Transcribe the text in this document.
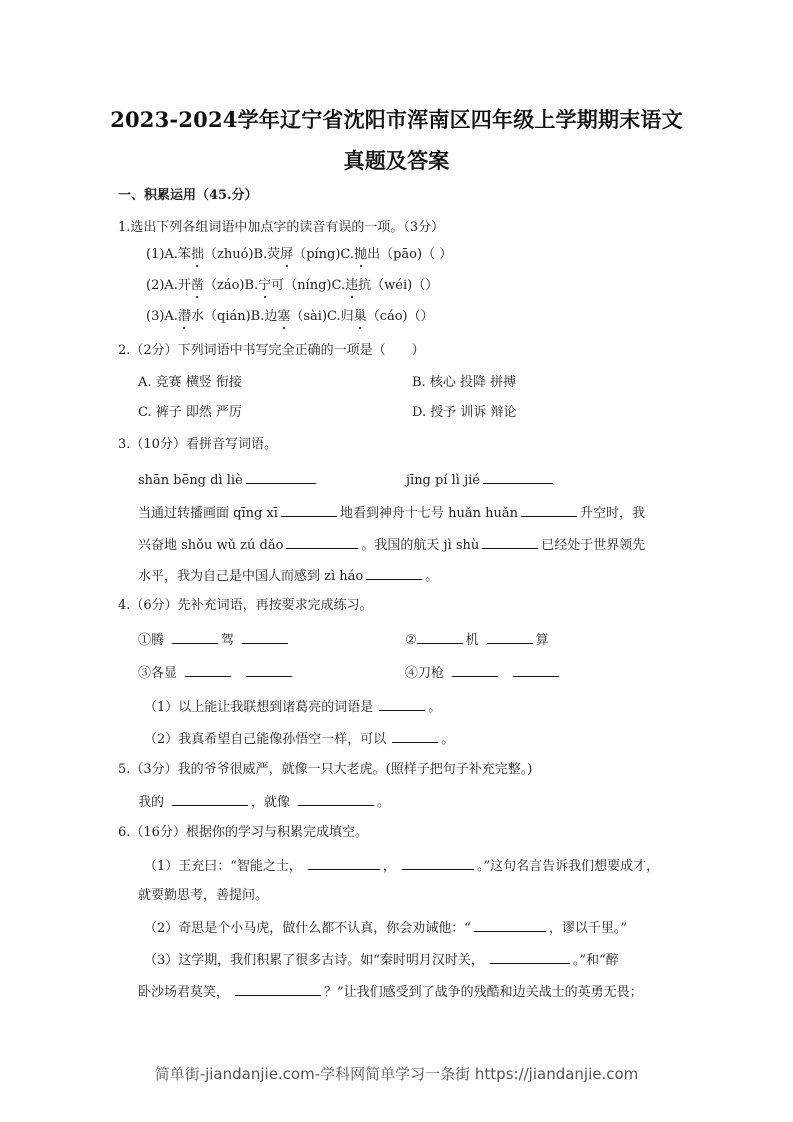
2023-2024学年辽宁省沈阳市浑南区四年级上学期期末语文
真题及答案
一、积累运用（45.分）
1.选出下列各组词语中加点字的读音有误的一项。（3分）
(1)A.笨拙（zhuó)B.荧屏（píng)C.抛出（pāo)（ ）
(2)A.开凿（záo)B.宁可（níng)C.违抗（wéi)（）
(3)A.潜水（qián)B.边塞（sài)C.归巢（cáo)（）
2.（2分）下列词语中书写完全正确的一项是（　　）
A. 竞赛 横竖 衔接	B. 核心 投降 拼搏
C. 裤子 即然 严厉	D. 授予 训诉 辩论
3.（10分）看拼音写词语。
shān bēng dì liè	jīng pí lì jié
当通过转播画面 qīng xī	地看到神舟十七号 huǎn huǎn	升空时，我
兴奋地 shǒu wǔ zú dǎo	。我国的航天 jì shù	已经处于世界领先
水平，我为自己是中国人而感到 zì háo	。
4.（6分）先补充词语，再按要求完成练习。
①腾	驾	②	机	算
③各显	④刀枪
（1）以上能让我联想到诸葛亮的词语是	。
（2）我真希望自己能像孙悟空一样，可以	。
5.（3分）我的爷爷很威严，就像一只大老虎。(照样子把句子补充完整。)
我的	，就像	。
6.（16分）根据你的学习与积累完成填空。
（1）王充曰：“智能之士，	，	。”这句名言告诉我们想要成才，
就要勤思考，善提问。
（2）奇思是个小马虎，做什么都不认真，你会劝诫他：“	，谬以千里。”
（3）这学期，我们积累了很多古诗。如“秦时明月汉时关，	。”和“醉
卧沙场君莫笑，	？”让我们感受到了战争的残酷和边关战士的英勇无畏；
简单街-jiandanjie.com-学科网简单学习一条街 https://jiandanjie.com
